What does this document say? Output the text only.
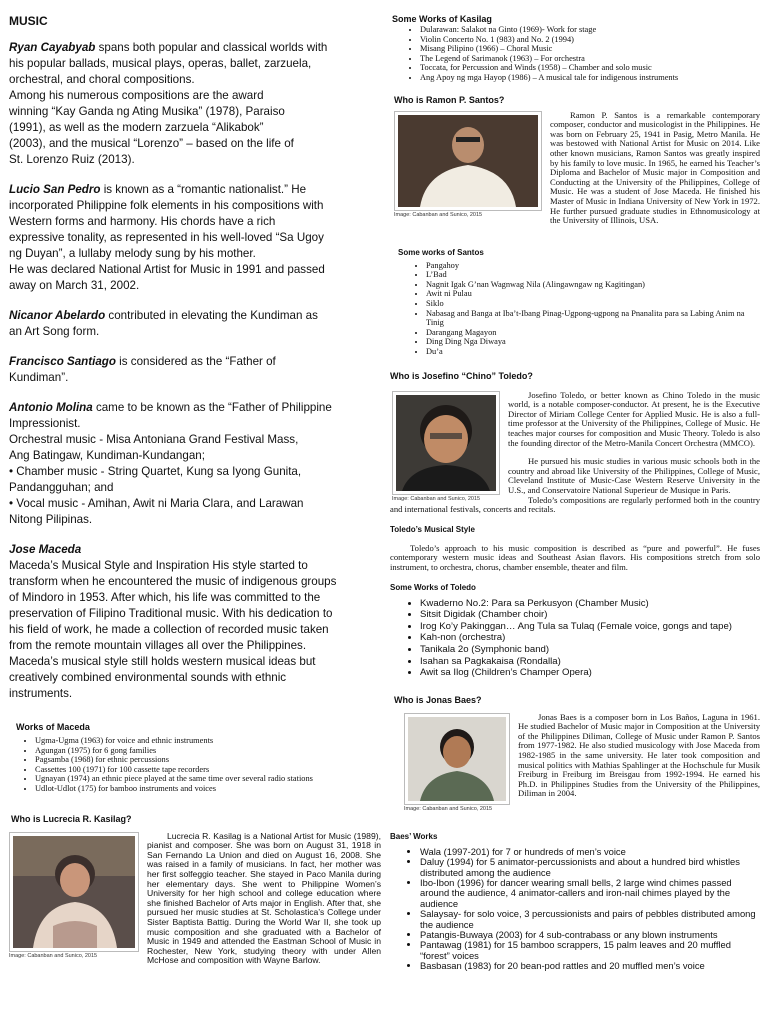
MUSIC

Ryan Cayabyab spans both popular and classical worlds with
his popular ballads, musical plays, operas, ballet, zarzuela,
orchestral, and choral compositions.
Among his numerous compositions are the award
winning “Kay Ganda ng Ating Musika” (1978), Paraiso
(1991), as well as the modern zarzuela “Alikabok”
(2003), and the musical “Lorenzo” – based on the life of
St. Lorenzo Ruiz (2013).

Lucio San Pedro is known as a “romantic nationalist.” He
incorporated Philippine folk elements in his compositions with
Western forms and harmony. His chords have a rich
expressive tonality, as represented in his well-loved “Sa Ugoy
ng Duyan”, a lullaby melody sung by his mother.
He was declared National Artist for Music in 1991 and passed
away on March 31, 2002.

Nicanor Abelardo contributed in elevating the Kundiman as
an Art Song form.

Francisco Santiago is considered as the “Father of
Kundiman”.

Antonio Molina came to be known as the “Father of Philippine
Impressionist.
Orchestral music - Misa Antoniana Grand Festival Mass,
Ang Batingaw, Kundiman-Kundangan;
• Chamber music - String Quartet, Kung sa Iyong Gunita,
Pandangguhan; and
• Vocal music - Amihan, Awit ni Maria Clara, and Larawan
Nitong Pilipinas.

Jose Maceda
Maceda’s Musical Style and Inspiration His style started to
transform when he encountered the music of indigenous groups
of Mindoro in 1953. After which, his life was committed to the
preservation of Filipino Traditional music. With his dedication to
his field of work, he made a collection of recorded music taken
from the remote mountain villages all over the Philippines.
Maceda’s musical style still holds western musical ideas but
creatively combined environmental sounds with ethnic
instruments.

Works of Maceda
• Ugma-Ugma (1963) for voice and ethnic instruments
• Agungan (1975) for 6 gong families
• Pagsamba (1968) for ethnic percussions
• Cassettes 100 (1971) for 100 cassette tape recorders
• Ugnayan (1974) an ethnic piece played at the same time over several radio stations
• Udlot-Udlot (175) for bamboo instruments and voices
Who is Lucrecia R. Kasilag?
Image: Cabanban and Sunico, 2015

Lucrecia R. Kasilag is a National Artist for Music (1989), pianist and composer. She was born on August 31, 1918 in San Fernando La Union and died on August 16, 2008. She was raised in a family of musicians. In fact, her mother was her first solfeggio teacher. She stayed in Paco Manila during her elementary days. She went to Philippine Women’s University for her high school and college education where she finished Bachelor of Arts major in English. After that, she pursued her music studies at St. Scholastica’s College under Sister Baptista Battig. During the World War II, she took up music composition and she graduated with a Bachelor of Music in 1949 and attended the Eastman School of Music in Rochester, New York, studying theory with under Allen McHose and composition with Wayne Barlow.

Some Works of Kasilag
• Dularawan: Salakot na Ginto (1969)- Work for stage
• Violin Concerto No. 1 (983) and No. 2 (1994)
• Misang Pilipino (1966) – Choral Music
• The Legend of Sarimanok (1963) – For orchestra
• Toccata, for Percussion and Winds (1958) – Chamber and solo music
• Ang Apoy ng mga Hayop (1986) – A musical tale for indigenous instruments
Who is Ramon P. Santos?
Image: Cabanban and Sunico, 2015

Ramon P. Santos is a remarkable contemporary composer, conductor and musicologist in the Philippines. He was born on February 25, 1941 in Pasig, Metro Manila. He was bestowed with National Artist for Music on 2014. Like other known musicians, Ramon Santos was greatly inspired by his family to love music. In 1965, he earned his Teacher’s Diploma and Bachelor of Music major in Composition and Conducting at the University of the Philippines, College of Music. He was a student of Jose Maceda. He finished his Master of Music in Indiana University of New York in 1972. He further pursued graduate studies in Ethnomusicology at the University of Illinois, USA.

Some works of Santos
• Pangahoy
• L’Bad
• Nagnit Igak G’nan Wagnwag Nila (Alingawngaw ng Kagitingan)
• Awit ni Pulau
• Siklo
• Nabasag and Banga at Iba’t-Ibang Pinag-Ugpong-ugpong na Pnanalita para sa Labing Anim na Tinig
• Darangang Magayon
• Ding Ding Nga Diwaya
• Du’a
Who is Josefino “Chino” Toledo?
Image: Cabanban and Sunico, 2015

Josefino Toledo, or better known as Chino Toledo in the music world, is a notable composer-conductor. At present, he is the Executive Director of Miriam College Center for Applied Music. He is also a full-time professor at the University of the Philippines, College of Music. He teaches major courses for composition and Music Theory. Toledo is also the founding director of the Metro-Manila Concert Orchestra (MMCO).

He pursued his music studies in various music schools both in the country and abroad like University of the Philippines, College of Music, Cleveland Institute of Music-Case Western Reserve University in the U.S., and Conservatoire National Superieur de Musique in Paris.

Toledo’s compositions are regularly performed both in the country and international festivals, concerts and recitals.

Toledo’s Musical Style

Toledo’s approach to his music composition is described as “pure and powerful”. He fuses contemporary western music ideas and Southeast Asian flavors. His compositions stretch from solo instrument, to orchestra, chorus, chamber ensemble, theater and film.

Some Works of Toledo
• Kwaderno No.2: Para sa Perkusyon (Chamber Music)
• Sitsit Digidak (Chamber choir)
• Irog Ko’y Pakinggan… Ang Tula sa Tulaq (Female voice, gongs and tape)
• Kah-non (orchestra)
• Tanikala 2o (Symphonic band)
• Isahan sa Pagkakaisa (Rondalla)
• Awit sa Ilog (Children’s Champer Opera)
Who is Jonas Baes?
Image: Cabanban and Sunico, 2015

Jonas Baes is a composer born in Los Baños, Laguna in 1961. He studied Bachelor of Music major in Composition at the University of the Philippines Diliman, College of Music under Ramon P. Santos from 1977-1982. He also studied musicology with Jose Maceda from 1982-1985 in the same university. He later took composition and musical politics with Mathias Spahlinger at the Hochschule fur Musik Freiburg in Freiburg im Breisgau from 1992-1994. He earned his Ph.D. in Philippines Studies from the University of the Philippines, Diliman in 2004.

Baes’ Works
• Wala (1997-201) for 7 or hundreds of men’s voice
• Daluy (1994) for 5 animator-percussionists and about a hundred bird whistles distributed among the audience
• Ibo-Ibon (1996) for dancer wearing small bells, 2 large wind chimes passed around the audience, 4 animator-callers and iron-nail chimes played by the audience
• Salaysay- for solo voice, 3 percussionists and pairs of pebbles distributed among the audience
• Patangis-Buwaya (2003) for 4 sub-contrabass or any blown instruments
• Pantawag (1981) for 15 bamboo scrappers, 15 palm leaves and 20 muffled “forest” voices
• Basbasan (1983) for 20 bean-pod rattles and 20 muffled men’s voice
